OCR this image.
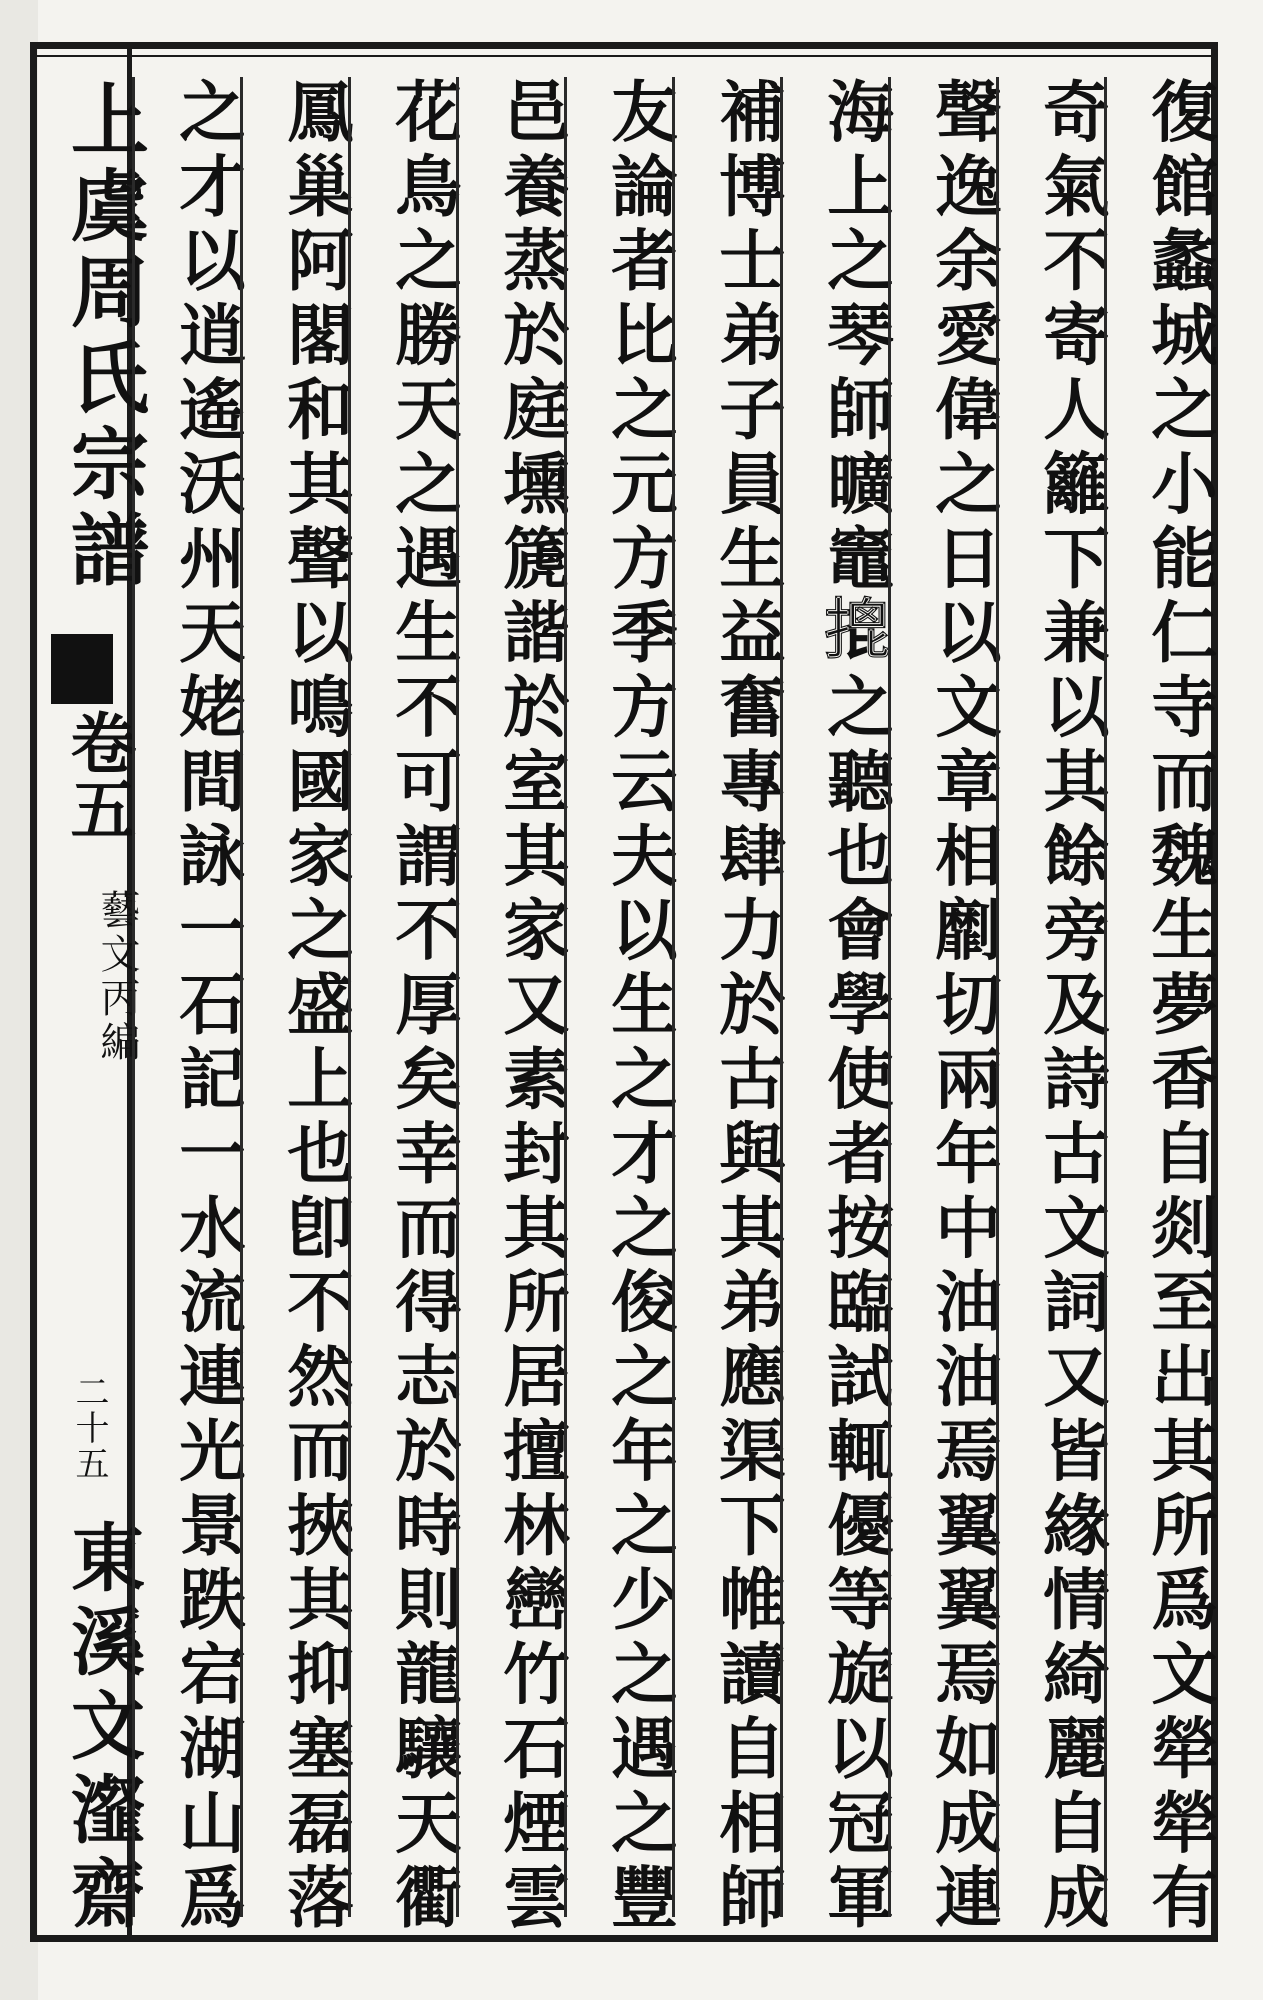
上虞周氏宗譜
卷五
藝文丙編
二十五
東溪文瀣齋 之才以逍遙沃州天姥間詠一石記一水流連光景跌宕湖山爲 鳳巢阿閣和其聲以鳴國家之盛上也卽不然而挾其抑塞磊落 花鳥之勝天之遇生不可謂不厚矣幸而得志於時則龍驤天衢 邑養蒸於庭壎篪諧於室其家又素封其所居擅林巒竹石煙雲 友論者比之元方季方云夫以生之才之俊之年之少之遇之豐 補博士弟子員生益奮專肆力於古與其弟應渠下帷讀自相師 海上之琴師曠竈𢱧之聽也會學使者按臨試輒優等旋以冠軍 聲逸余愛偉之日以文章相劘切兩年中油油焉翼翼焉如成連 奇氣不寄人籬下兼以其餘旁及詩古文詞又皆緣情綺麗自成 復館蠡城之小能仁寺而魏生夢香自剡至出其所爲文犖犖有
